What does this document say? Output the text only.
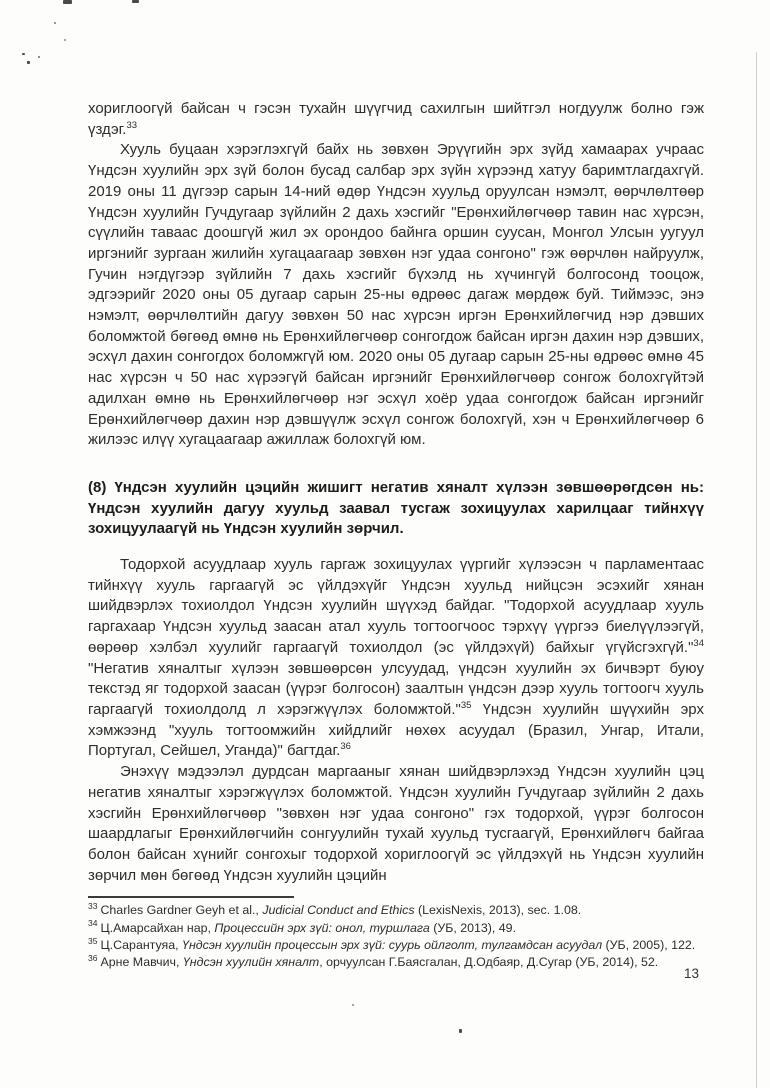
хориглоогүй байсан ч гэсэн тухайн шүүгчид сахилгын шийтгэл ногдуулж болно гэж үздэг.$^{33}$

Хууль буцаан хэрэглэхгүй байх нь зөвхөн Эрүүгийн эрх зүйд хамаарах учраас Үндсэн хуулийн эрх зүй болон бусад салбар эрх зүйн хүрээнд хатуу баримтлагдахгүй. 2019 оны 11 дүгээр сарын 14-ний өдөр Үндсэн хуульд оруулсан нэмэлт, өөрчлөлтөөр Үндсэн хуулийн Гучдугаар зүйлийн 2 дахь хэсгийг "Ерөнхийлөгчөөр тавин нас хүрсэн, сүүлийн таваас доошгүй жил эх орондоо байнга оршин суусан, Монгол Улсын уугуул иргэнийг зургаан жилийн хугацаагаар зөвхөн нэг удаа сонгоно" гэж өөрчлөн найруулж, Гучин нэгдүгээр зүйлийн 7 дахь хэсгийг бүхэлд нь хүчингүй болгосонд тооцож, эдгээрийг 2020 оны 05 дугаар сарын 25-ны өдрөөс дагаж мөрдөж буй. Тиймээс, энэ нэмэлт, өөрчлөлтийн дагуу зөвхөн 50 нас хүрсэн иргэн Ерөнхийлөгчид нэр дэвших боломжтой бөгөөд өмнө нь Ерөнхийлөгчөөр сонгогдож байсан иргэн дахин нэр дэвших, эсхүл дахин сонгогдох боломжгүй юм. 2020 оны 05 дугаар сарын 25-ны өдрөөс өмнө 45 нас хүрсэн ч 50 нас хүрээгүй байсан иргэнийг Ерөнхийлөгчөөр сонгож болохгүйтэй адилхан өмнө нь Ерөнхийлөгчөөр нэг эсхүл хоёр удаа сонгогдож байсан иргэнийг Ерөнхийлөгчөөр дахин нэр дэвшүүлж эсхүл сонгож болохгүй, хэн ч Ерөнхийлөгчөөр 6 жилээс илүү хугацаагаар ажиллаж болохгүй юм.

(8) Үндсэн хуулийн цэцийн жишигт негатив хяналт хүлээн зөвшөөрөгдсөн нь: Үндсэн хуулийн дагуу хуульд заавал тусгаж зохицуулах харилцааг тийнхүү зохицуулаагүй нь Үндсэн хуулийн зөрчил.

Тодорхой асуудлаар хууль гаргаж зохицуулах үүргийг хүлээсэн ч парламентаас тийнхүү хууль гаргаагүй эс үйлдэхүйг Үндсэн хуульд нийцсэн эсэхийг хянан шийдвэрлэх тохиолдол Үндсэн хуулийн шүүхэд байдаг. "Тодорхой асуудлаар хууль гаргахаар Үндсэн хуульд заасан атал хууль тогтоогчоос тэрхүү үүргээ биелүүлээгүй, өөрөөр хэлбэл хуулийг гаргаагүй тохиолдол (эс үйлдэхүй) байхыг үгүйсгэхгүй."$^{34}$ "Негатив хяналтыг хүлээн зөвшөөрсөн улсуудад, үндсэн хуулийн эх бичвэрт буюу текстэд яг тодорхой заасан (үүрэг болгосон) заалтын үндсэн дээр хууль тогтоогч хууль гаргаагүй тохиолдолд л хэрэгжүүлэх боломжтой."$^{35}$ Үндсэн хуулийн шүүхийн эрх хэмжээнд "хууль тогтоомжийн хийдлийг нөхөх асуудал (Бразил, Унгар, Итали, Португал, Сейшел, Уганда)" багтдаг.$^{36}$

Энэхүү мэдээлэл дурдсан маргааныг хянан шийдвэрлэхэд Үндсэн хуулийн цэц негатив хяналтыг хэрэгжүүлэх боломжтой. Үндсэн хуулийн Гучдугаар зүйлийн 2 дахь хэсгийн Ерөнхийлөгчөөр "зөвхөн нэг удаа сонгоно" гэх тодорхой, үүрэг болгосон шаардлагыг Ерөнхийлөгчийн сонгуулийн тухай хуульд тусгаагүй, Ерөнхийлөгч байгаа болон байсан хүнийг сонгохыг тодорхой хориглоогүй эс үйлдэхүй нь Үндсэн хуулийн зөрчил мөн бөгөөд Үндсэн хуулийн цэцийн

$^{33}$ Charles Gardner Geyh et al., Judicial Conduct and Ethics (LexisNexis, 2013), sec. 1.08.

$^{34}$ Ц.Амарсайхан нар, Процессийн эрх зүй: онол, туршлага (УБ, 2013), 49.

$^{35}$ Ц.Сарантуяа, Үндсэн хуулийн процессын эрх зүй: суурь ойлголт, тулгамдсан асуудал (УБ, 2005), 122.

$^{36}$ Арне Мавчич, Үндсэн хуулийн хяналт, орчуулсан Г.Баясгалан, Д.Одбаяр, Д.Сугар (УБ, 2014), 52.

13
